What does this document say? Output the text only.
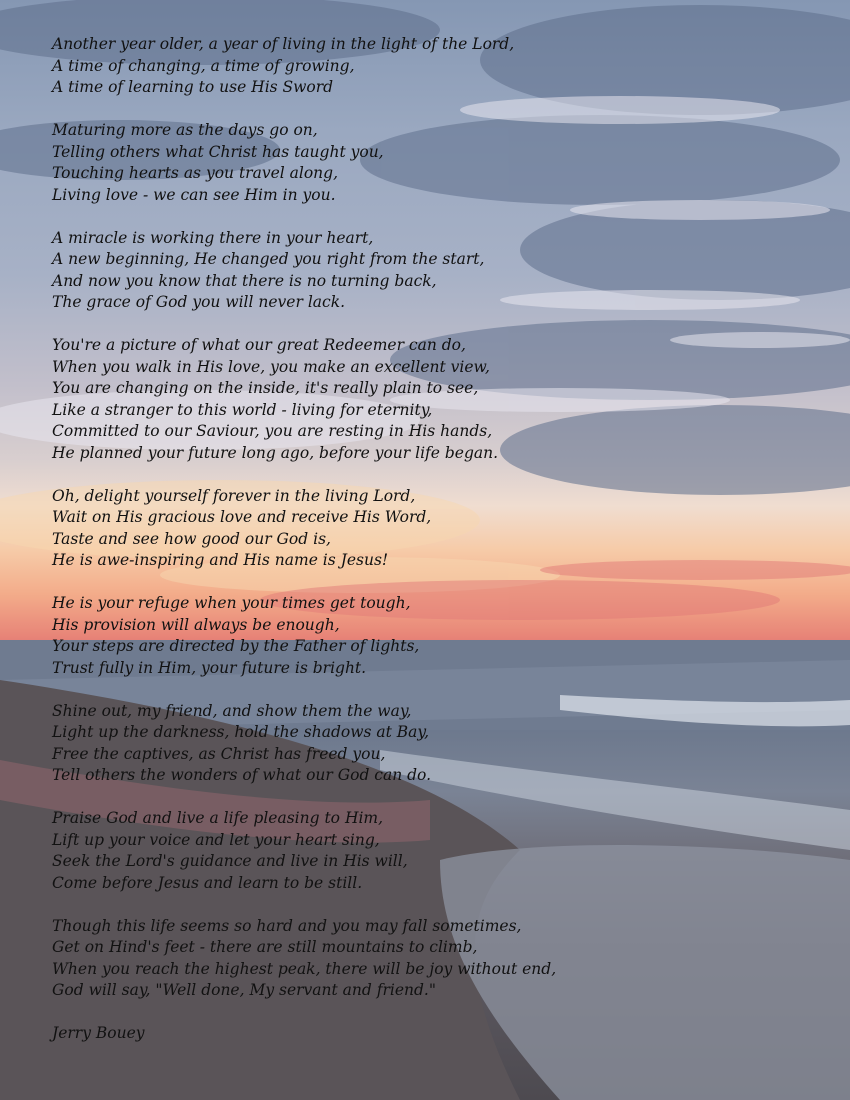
Another year older, a year of living in the light of the Lord,
A time of changing, a time of growing,
A time of learning to use His Sword
Maturing more as the days go on,
Telling others what Christ has taught you,
Touching hearts as you travel along,
Living love - we can see Him in you.
A miracle is working there in your heart,
A new beginning, He changed you right from the start,
And now you know that there is no turning back,
The grace of God you will never lack.
You're a picture of what our great Redeemer can do,
When you walk in His love, you make an excellent view,
You are changing on the inside, it's really plain to see,
Like a stranger to this world - living for eternity,
Committed to our Saviour, you are resting in His hands,
He planned your future long ago, before your life began.
Oh, delight yourself forever in the living Lord,
Wait on His gracious love and receive His Word,
Taste and see how good our God is,
He is awe-inspiring and His name is Jesus!
He is your refuge when your times get tough,
His provision will always be enough,
Your steps are directed by the Father of lights,
Trust fully in Him, your future is bright.
Shine out, my friend, and show them the way,
Light up the darkness, hold the shadows at Bay,
Free the captives, as Christ has freed you,
Tell others the wonders of what our God can do.
Praise God and live a life pleasing to Him,
Lift up your voice and let your heart sing,
Seek the Lord's guidance and live in His will,
Come before Jesus and learn to be still.
Though this life seems so hard and you may fall sometimes,
Get on Hind's feet - there are still mountains to climb,
When you reach the highest peak, there will be joy without end,
God will say, "Well done, My servant and friend."
Jerry Bouey
